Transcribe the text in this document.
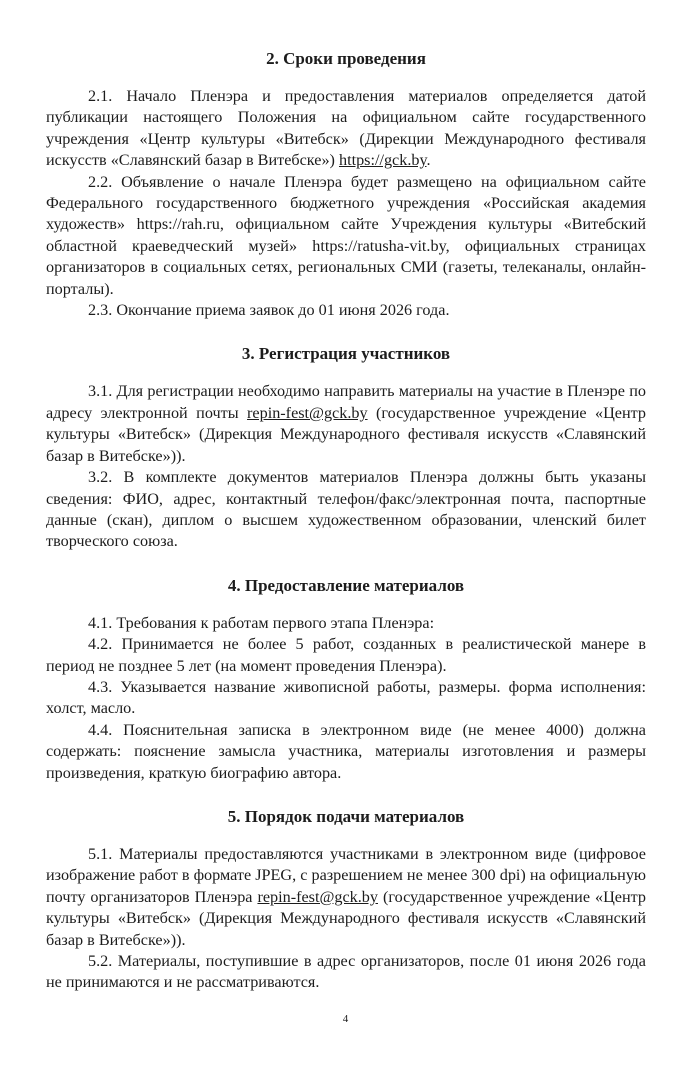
2. Сроки проведения

2.1. Начало Пленэра и предоставления материалов определяется датой публикации настоящего Положения на официальном сайте государственного учреждения «Центр культуры «Витебск» (Дирекции Международного фестиваля искусств «Славянский базар в Витебске») https://gck.by.

2.2. Объявление о начале Пленэра будет размещено на официальном сайте Федерального государственного бюджетного учреждения «Российская академия художеств» https://rah.ru, официальном сайте Учреждения культуры «Витебский областной краеведческий музей» https://ratusha-vit.by, официальных страницах организаторов в социальных сетях, региональных СМИ (газеты, телеканалы, онлайн-порталы).

2.3. Окончание приема заявок до 01 июня 2026 года.

3. Регистрация участников

3.1. Для регистрации необходимо направить материалы на участие в Пленэре по адресу электронной почты repin-fest@gck.by (государственное учреждение «Центр культуры «Витебск» (Дирекция Международного фестиваля искусств «Славянский базар в Витебске»)).

3.2. В комплекте документов материалов Пленэра должны быть указаны сведения: ФИО, адрес, контактный телефон/факс/электронная почта, паспортные данные (скан), диплом о высшем художественном образовании, членский билет творческого союза.

4. Предоставление материалов

4.1. Требования к работам первого этапа Пленэра:

4.2. Принимается не более 5 работ, созданных в реалистической манере в период не позднее 5 лет (на момент проведения Пленэра).

4.3. Указывается название живописной работы, размеры. форма исполнения: холст, масло.

4.4. Пояснительная записка в электронном виде (не менее 4000) должна содержать: пояснение замысла участника, материалы изготовления и размеры произведения, краткую биографию автора.

5. Порядок подачи материалов

5.1. Материалы предоставляются участниками в электронном виде (цифровое изображение работ в формате JPEG, с разрешением не менее 300 dpi) на официальную почту организаторов Пленэра repin-fest@gck.by (государственное учреждение «Центр культуры «Витебск» (Дирекция Международного фестиваля искусств «Славянский базар в Витебске»)).

5.2. Материалы, поступившие в адрес организаторов, после 01 июня 2026 года не принимаются и не рассматриваются.

4
